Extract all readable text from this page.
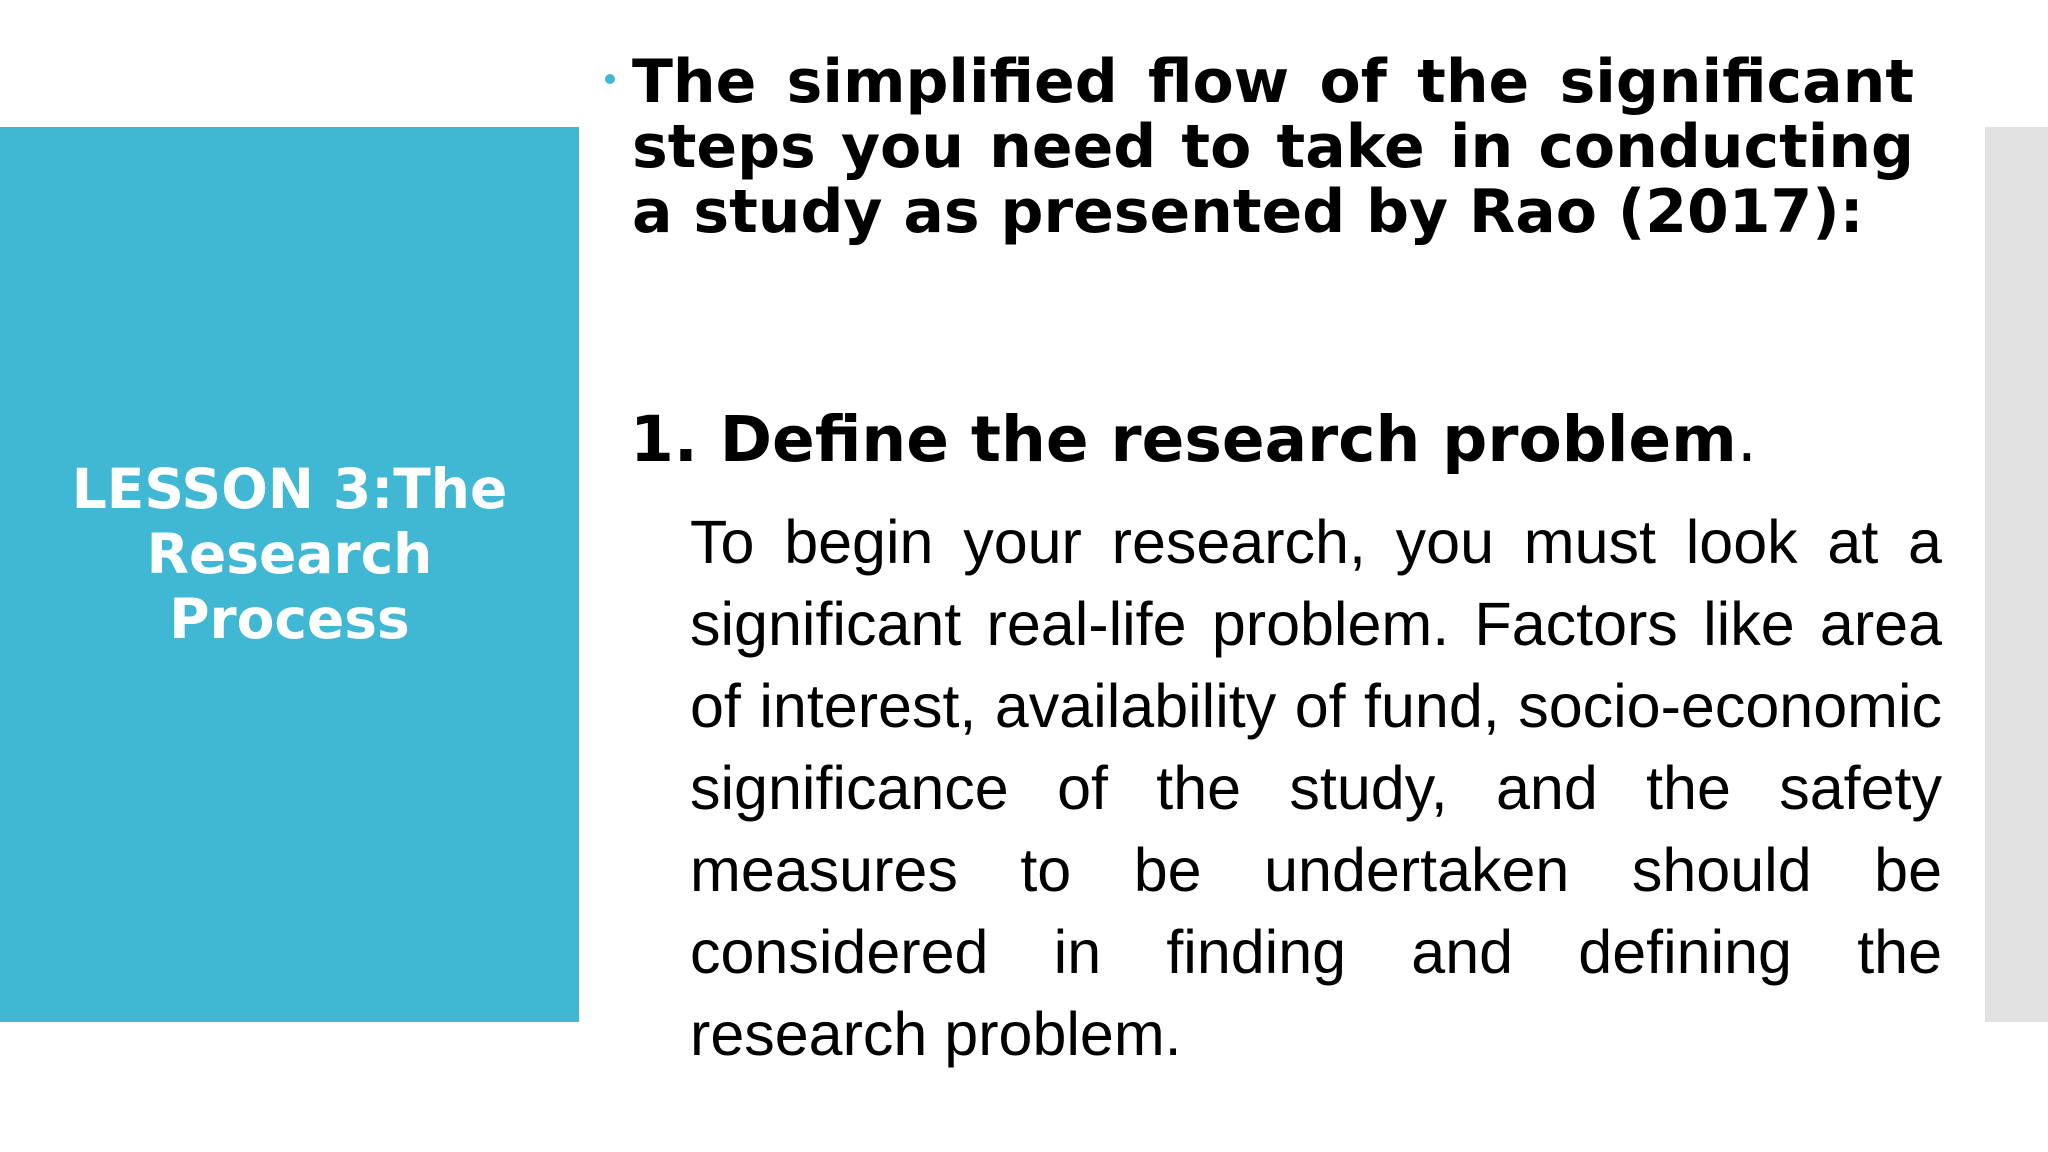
LESSON 3:The Research Process

The simplified flow of the significant steps you need to take in conducting a study as presented by Rao (2017):

1. Define the research problem.

To begin your research, you must look at a significant real-life problem. Factors like area of interest, availability of fund, socio-economic significance of the study, and the safety measures to be undertaken should be considered in finding and defining the research problem.
